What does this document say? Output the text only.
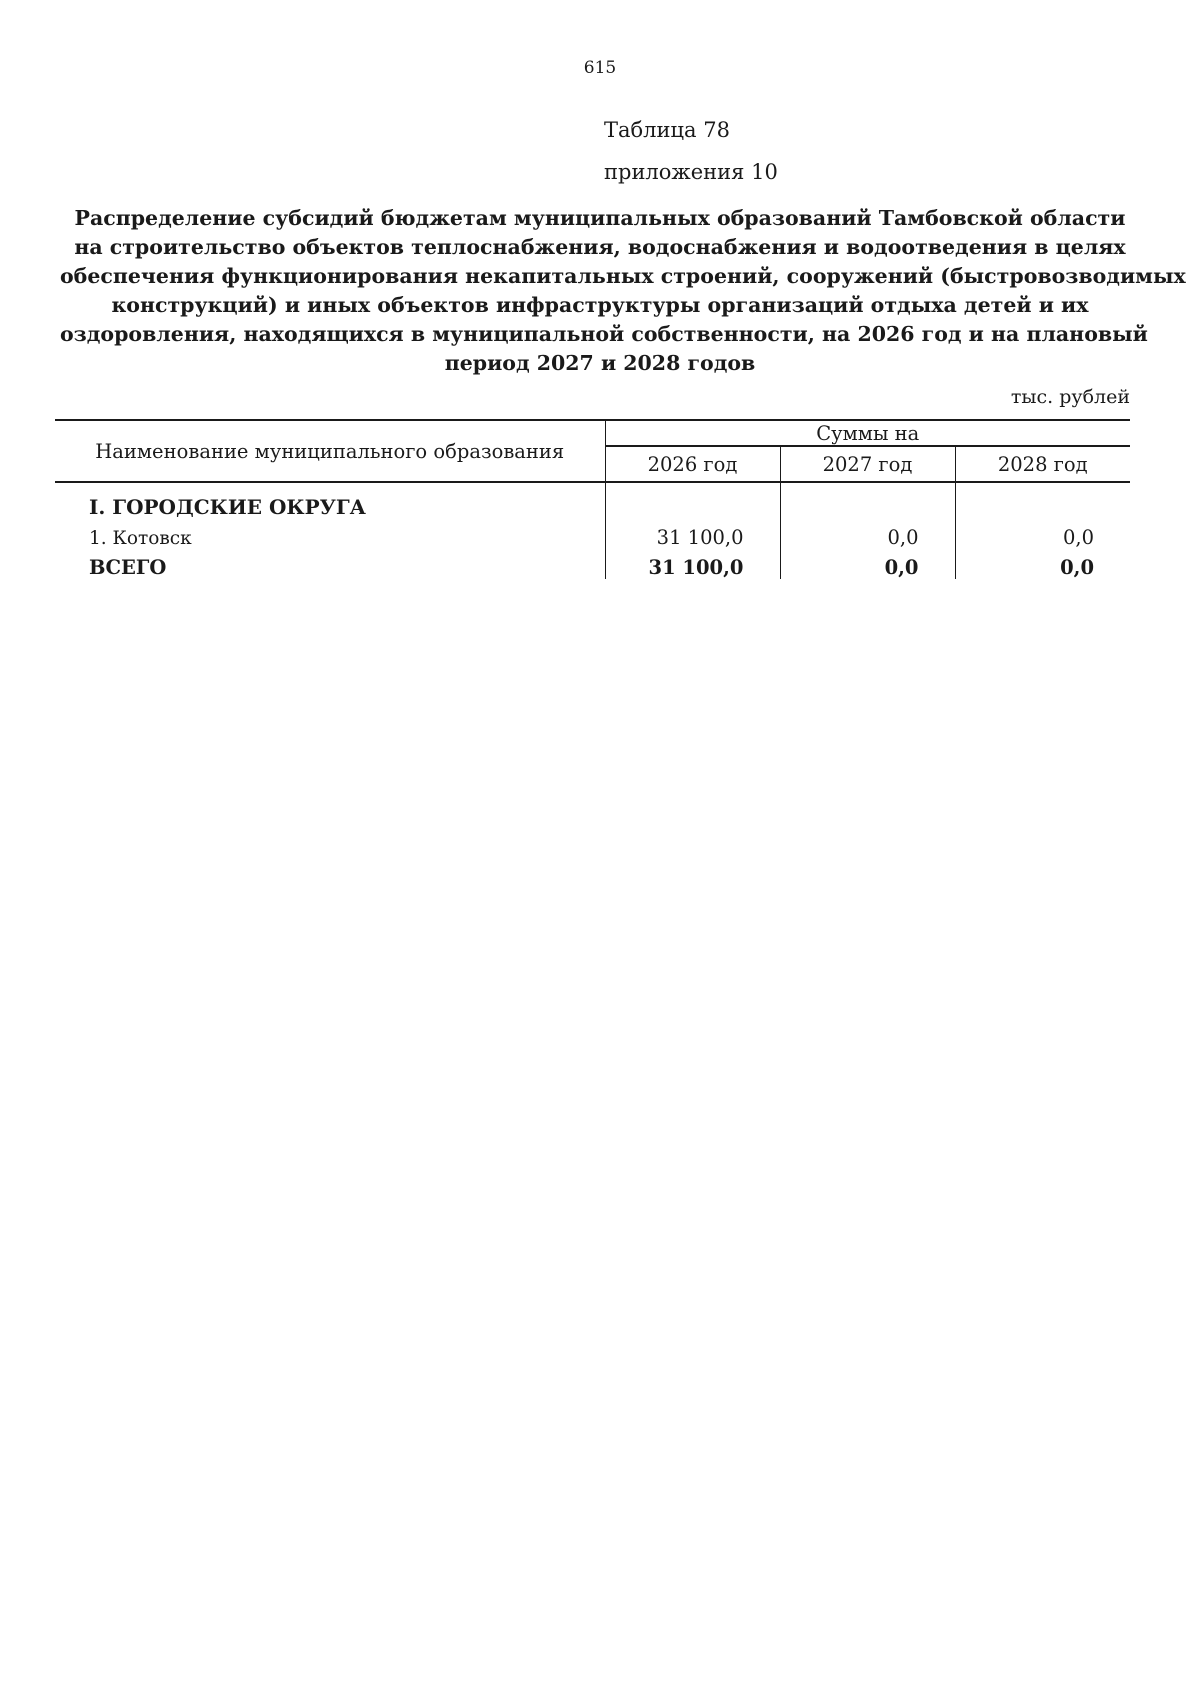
615
Таблица 78
приложения 10
Распределение субсидий бюджетам муниципальных образований Тамбовской области
на строительство объектов теплоснабжения, водоснабжения и водоотведения в целях
обеспечения функционирования некапитальных строений, сооружений (быстровозводимых
конструкций) и иных объектов инфраструктуры организаций отдыха детей и их
оздоровления, находящихся в муниципальной собственности, на 2026 год и на плановый
период 2027 и 2028 годов
тыс. рублей
Наименование муниципального образования	Суммы на		
	2026 год	2027 год	2028 год

I. ГОРОДСКИЕ ОКРУГА			
1. Котовск	31 100,0	0,0	0,0
ВСЕГО	31 100,0	0,0	0,0
